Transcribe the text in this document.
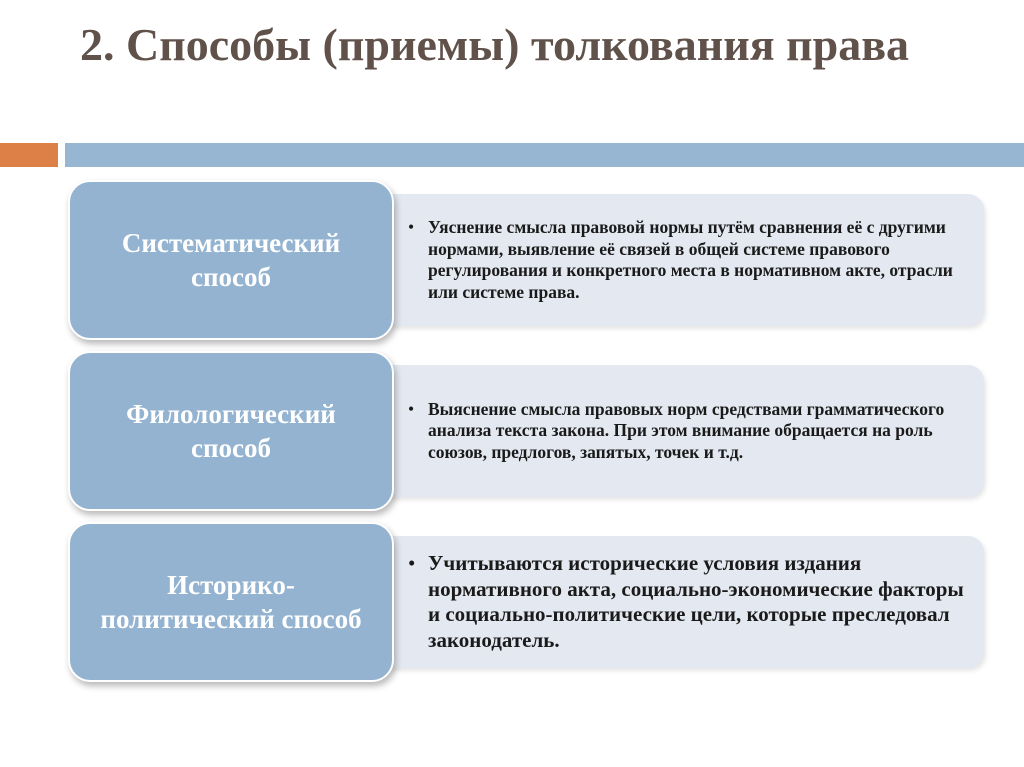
2. Способы (приемы) толкования права
• Уяснение смысла правовой нормы путём сравнения её с другими нормами, выявление её связей в общей системе правового регулирования и конкретного места в нормативном акте, отрасли или системе права.
Систематический способ
• Выяснение смысла правовых норм средствами грамматического анализа текста закона. При этом внимание обращается на роль союзов, предлогов, запятых, точек и т.д.
Филологический способ
• Учитываются исторические условия издания нормативного акта, социально-экономические факторы и социально-политические цели, которые преследовал законодатель.
Историко-политический способ
